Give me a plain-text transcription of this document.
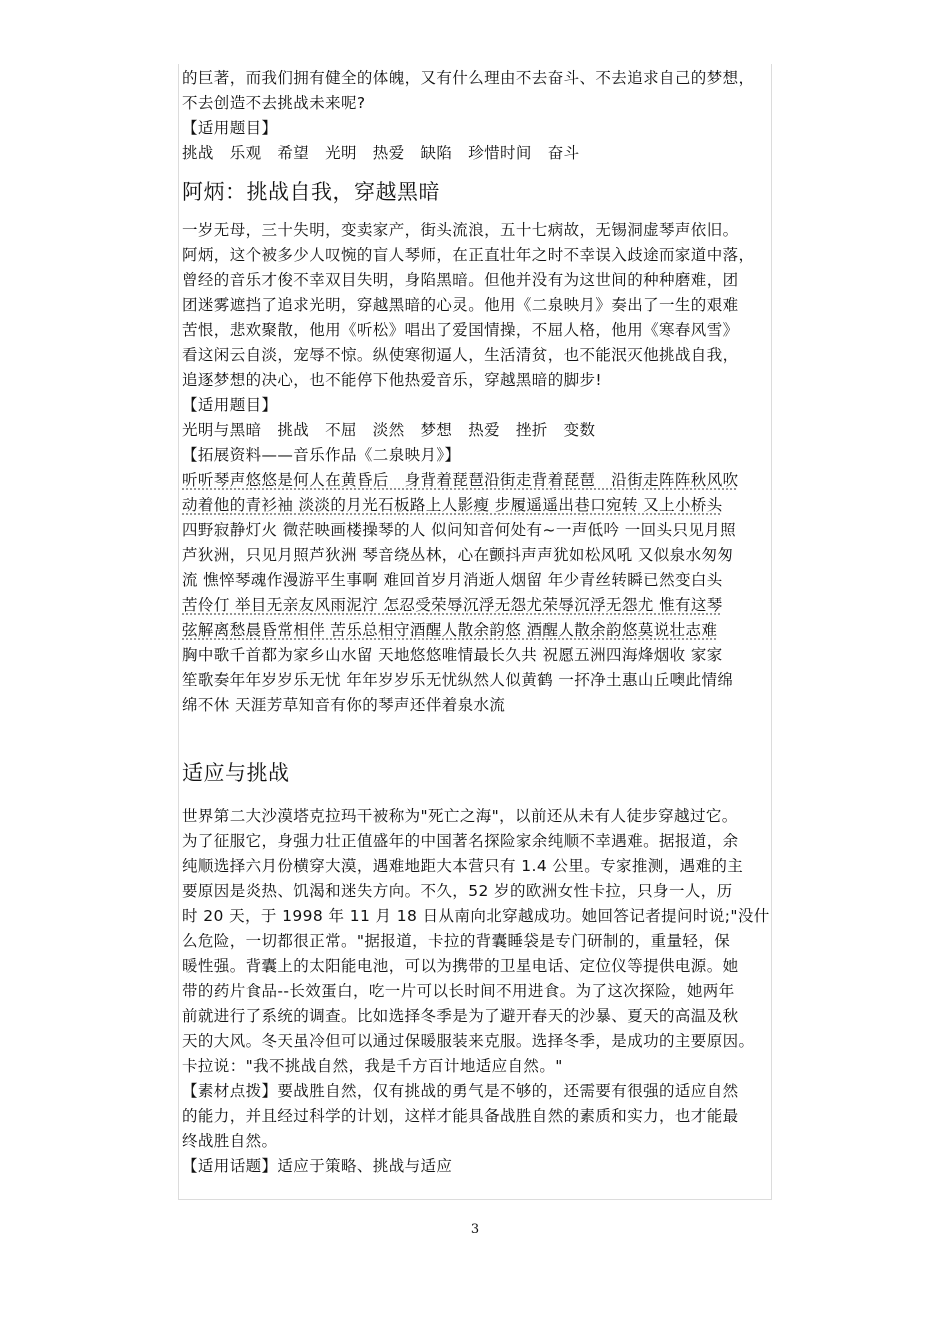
的巨著，而我们拥有健全的体魄，又有什么理由不去奋斗、不去追求自己的梦想，
不去创造不去挑战未来呢?
【适用题目】
挑战　乐观　希望　光明　热爱　缺陷　珍惜时间　奋斗
阿炳：挑战自我，穿越黑暗
一岁无母，三十失明，变卖家产，街头流浪，五十七病故，无锡洞虚琴声依旧。
阿炳，这个被多少人叹惋的盲人琴师，在正直壮年之时不幸误入歧途而家道中落，
曾经的音乐才俊不幸双目失明，身陷黑暗。但他并没有为这世间的种种磨难，团
团迷雾遮挡了追求光明，穿越黑暗的心灵。他用《二泉映月》奏出了一生的艰难
苦恨，悲欢聚散，他用《听松》唱出了爱国情操，不屈人格，他用《寒春风雪》
看这闲云自淡，宠辱不惊。纵使寒彻逼人，生活清贫，也不能泯灭他挑战自我，
追逐梦想的决心，也不能停下他热爱音乐，穿越黑暗的脚步!
【适用题目】
光明与黑暗　挑战　不屈　淡然　梦想　热爱　挫折　变数
【拓展资料——音乐作品《二泉映月》】
听听琴声悠悠是何人在黄昏后　身背着琵琶沿街走背着琵琶　沿街走阵阵秋风吹
动着他的青衫袖 淡淡的月光石板路上人影瘦 步履遥遥出巷口宛转 又上小桥头
四野寂静灯火 微茫映画楼操琴的人 似问知音何处有~一声低吟 一回头只见月照
芦狄洲，只见月照芦狄洲 琴音绕丛林，心在颤抖声声犹如松风吼 又似泉水匆匆
流 憔悴琴魂作漫游平生事啊 难回首岁月消逝人烟留 年少青丝转瞬已然变白头
苦伶仃 举目无亲友风雨泥泞 怎忍受荣辱沉浮无怨尤荣辱沉浮无怨尤 惟有这琴
弦解离愁晨昏常相伴 苦乐总相守酒醒人散余韵悠 酒醒人散余韵悠莫说壮志难
胸中歌千首都为家乡山水留 天地悠悠唯情最长久共 祝愿五洲四海烽烟收 家家
笙歌奏年年岁岁乐无忧 年年岁岁乐无忧纵然人似黄鹤 一抔净土惠山丘噢此情绵
绵不休 天涯芳草知音有你的琴声还伴着泉水流
适应与挑战
世界第二大沙漠塔克拉玛干被称为"死亡之海"，以前还从未有人徒步穿越过它。
为了征服它，身强力壮正值盛年的中国著名探险家余纯顺不幸遇难。据报道，余
纯顺选择六月份横穿大漠，遇难地距大本营只有 1.4 公里。专家推测，遇难的主
要原因是炎热、饥渴和迷失方向。不久，52 岁的欧洲女性卡拉，只身一人，历
时 20 天，于 1998 年 11 月 18 日从南向北穿越成功。她回答记者提问时说;"没什
么危险，一切都很正常。"据报道，卡拉的背囊睡袋是专门研制的，重量轻，保
暖性强。背囊上的太阳能电池，可以为携带的卫星电话、定位仪等提供电源。她
带的药片食品--长效蛋白，吃一片可以长时间不用进食。为了这次探险，她两年
前就进行了系统的调查。比如选择冬季是为了避开春天的沙暴、夏天的高温及秋
天的大风。冬天虽冷但可以通过保暖服装来克服。选择冬季，是成功的主要原因。
卡拉说："我不挑战自然，我是千方百计地适应自然。"
【素材点拨】要战胜自然，仅有挑战的勇气是不够的，还需要有很强的适应自然
的能力，并且经过科学的计划，这样才能具备战胜自然的素质和实力，也才能最
终战胜自然。
【适用话题】适应于策略、挑战与适应
3
